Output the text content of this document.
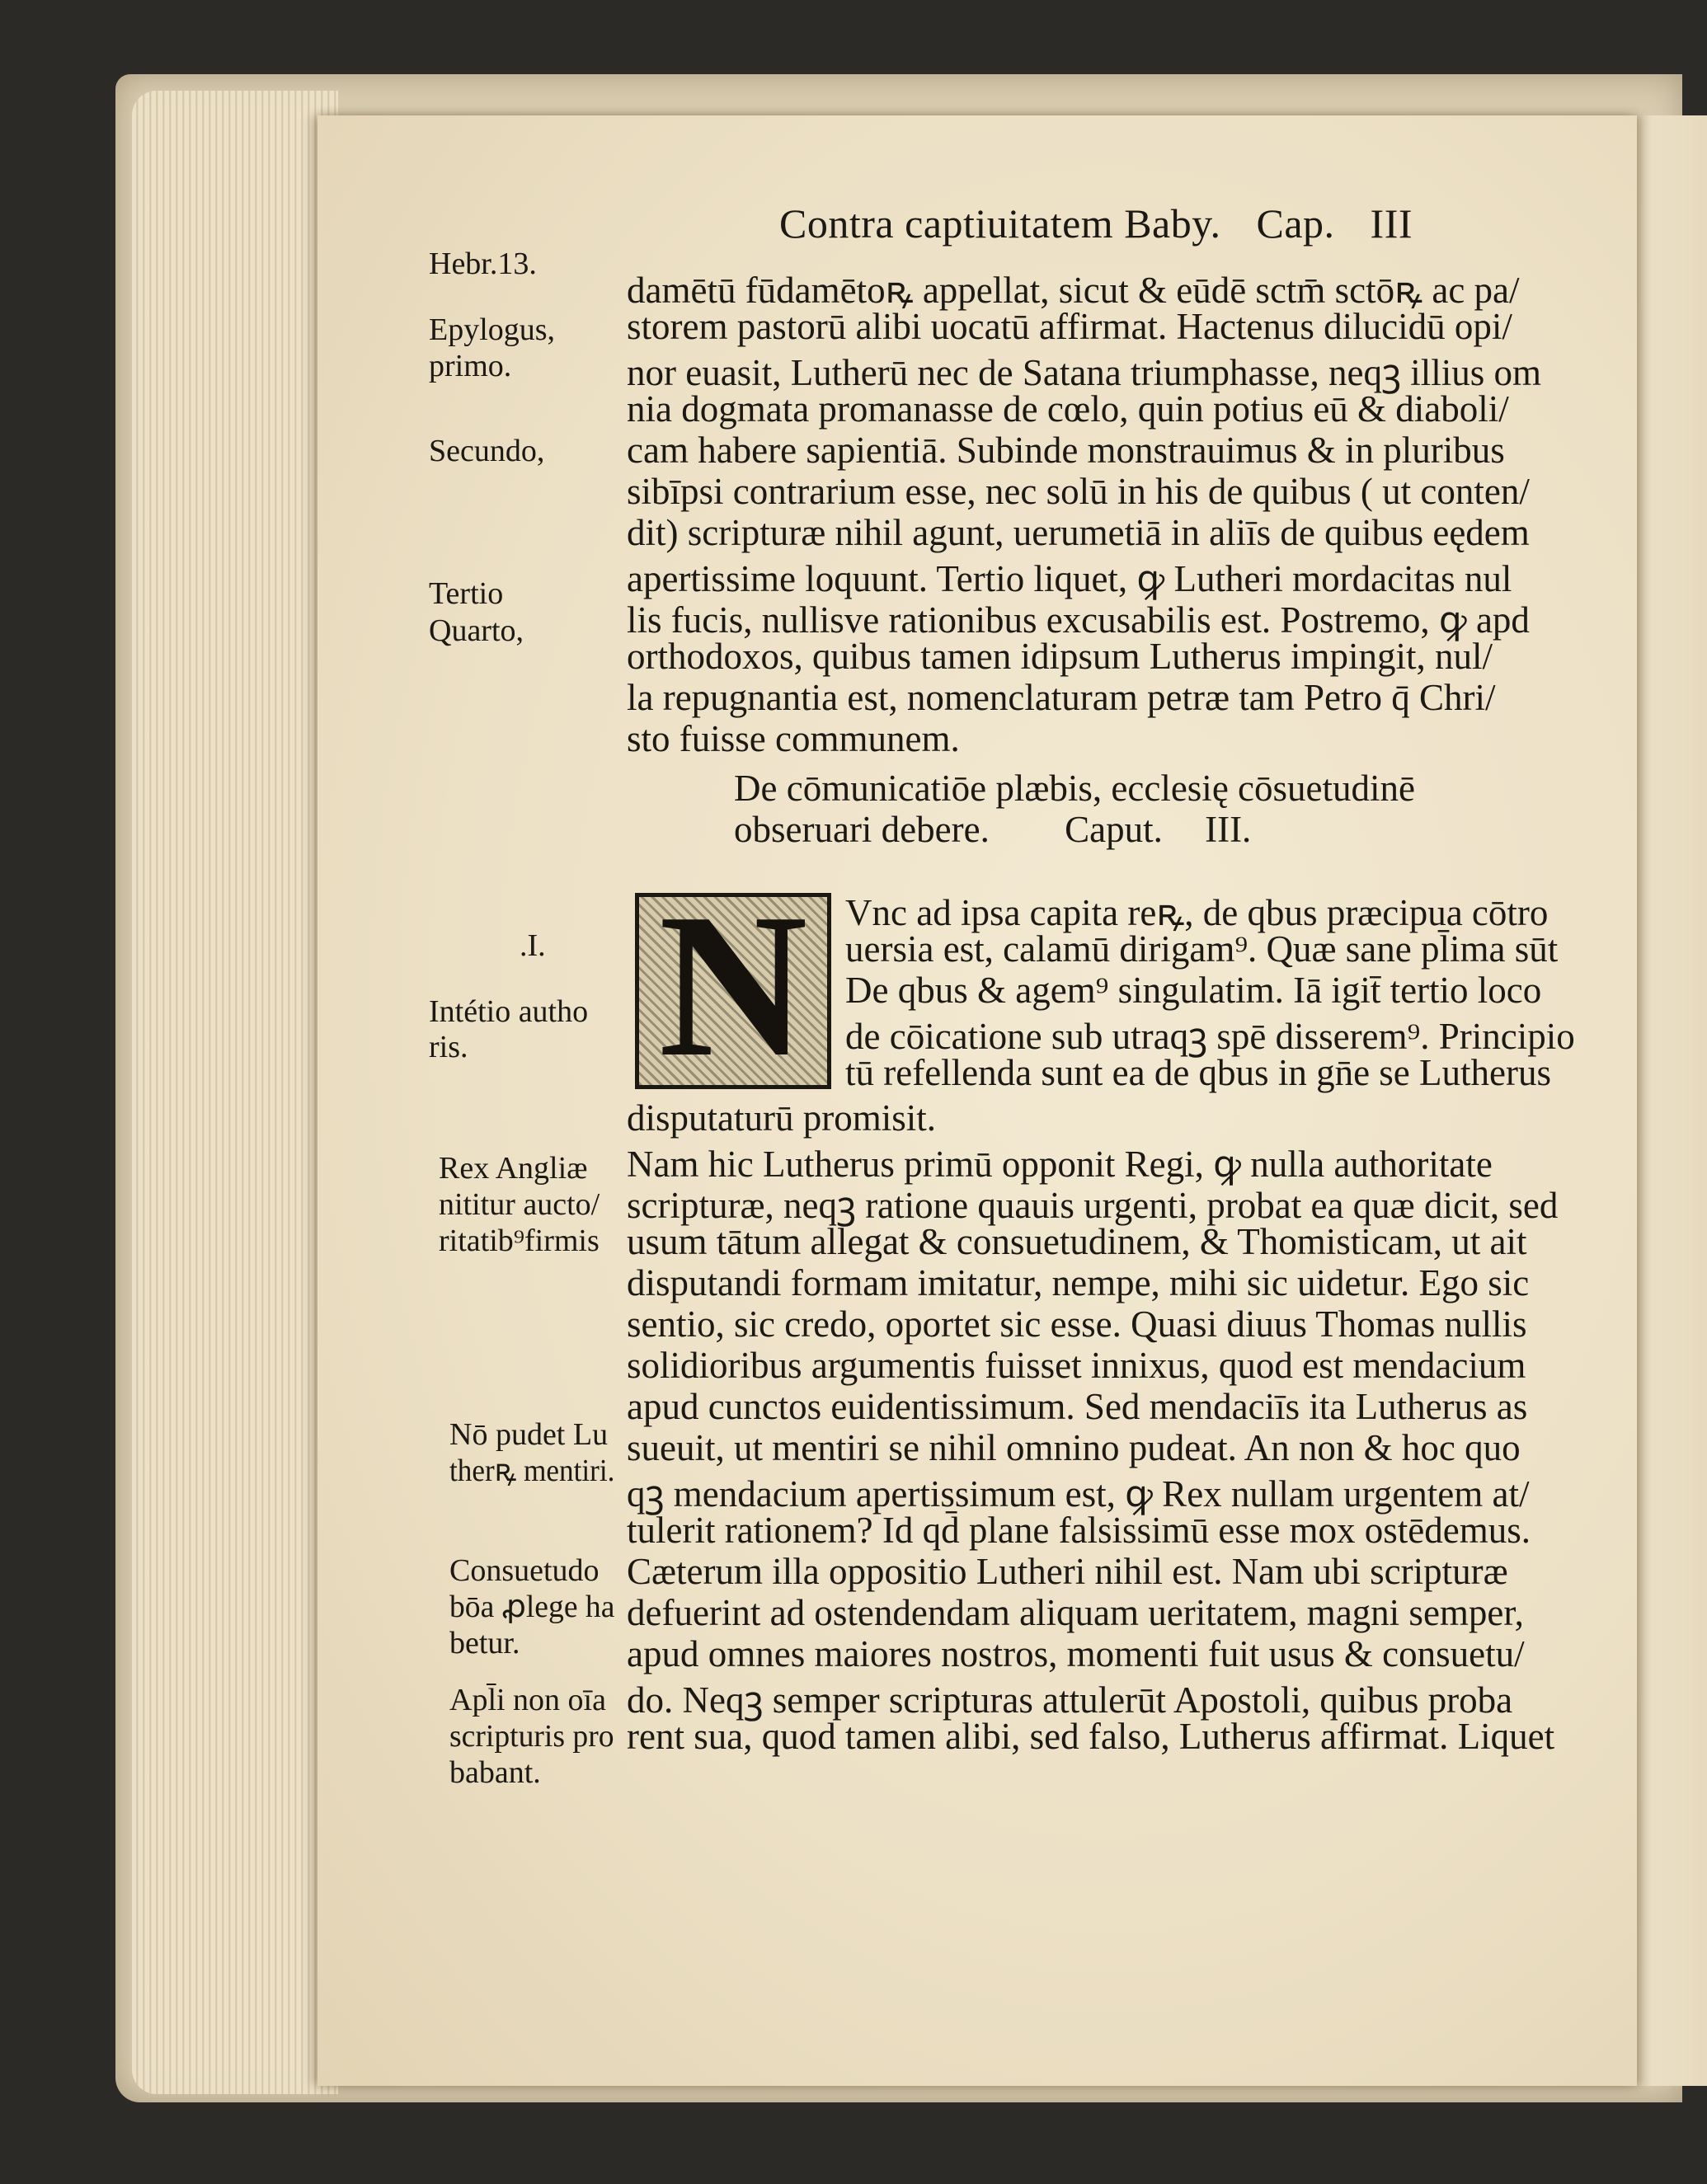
Contra captiuitatem Baby. Cap. III
Hebr.13.
Epylogus,
primo.
Secundo,
Tertio
Quarto,
.I.
Intétio autho
ris.
Rex Angliæ
nititur aucto/
ritatib⁹firmis
Nō pudet Lu
therꝶ mentiri.
Consuetudo
bōa ꝓlege ha
betur.
Apl̄i non oīa
scripturis pro
babant.
damētū fūdamētoꝶ appellat, sicut & eūdē sctm̄ sctōꝶ ac pa/
storem pastorū alibi uocatū affirmat. Hactenus dilucidū opi/
nor euasit, Lutherū nec de Satana triumphasse, neqꝫ illius om
nia dogmata promanasse de cœlo, quin potius eū & diaboli/
cam habere sapientiā. Subinde monstrauimus & in pluribus
sibīpsi contrarium esse, nec solū in his de quibus ( ut conten/
dit) scripturæ nihil agunt, uerumetiā in aliīs de quibus eędem
apertissime loquunt. Tertio liquet, ꝙ Lutheri mordacitas nul
lis fucis, nullisve rationibus excusabilis est. Postremo, ꝙ apd
orthodoxos, quibus tamen idipsum Lutherus impingit, nul/
la repugnantia est, nomenclaturam petræ tam Petro q̄ Chri/
sto fuisse communem.
De cōmunicatiōe plæbis, ecclesię cōsuetudinē
obseruari debere. Caput. III.
N	Vnc ad ipsa capita reꝶ, de qbus præcipua cōtro
uersia est, calamū dirigam⁹. Quæ sane pl̄ima sūt
De qbus & agem⁹ singulatim. Iā igit̄ tertio loco
de cōicatione sub utraqꝫ spē disserem⁹. Principio
tū refellenda sunt ea de qbus in gn̄e se Lutherus
disputaturū promisit.
Nam hic Lutherus primū opponit Regi, ꝙ nulla authoritate
scripturæ, neqꝫ ratione quauis urgenti, probat ea quæ dicit, sed
usum tātum allegat & consuetudinem, & Thomisticam, ut ait
disputandi formam imitatur, nempe, mihi sic uidetur. Ego sic
sentio, sic credo, oportet sic esse. Quasi diuus Thomas nullis
solidioribus argumentis fuisset innixus, quod est mendacium
apud cunctos euidentissimum. Sed mendaciīs ita Lutherus as
sueuit, ut mentiri se nihil omnino pudeat. An non & hoc quo
qꝫ mendacium apertissimum est, ꝙ Rex nullam urgentem at/
tulerit rationem? Id qd̄ plane falsissimū esse mox ostēdemus.
Cæterum illa oppositio Lutheri nihil est. Nam ubi scripturæ
defuerint ad ostendendam aliquam ueritatem, magni semper,
apud omnes maiores nostros, momenti fuit usus & consuetu/
do. Neqꝫ semper scripturas attulerūt Apostoli, quibus proba
rent sua, quod tamen alibi, sed falso, Lutherus affirmat. Liquet
